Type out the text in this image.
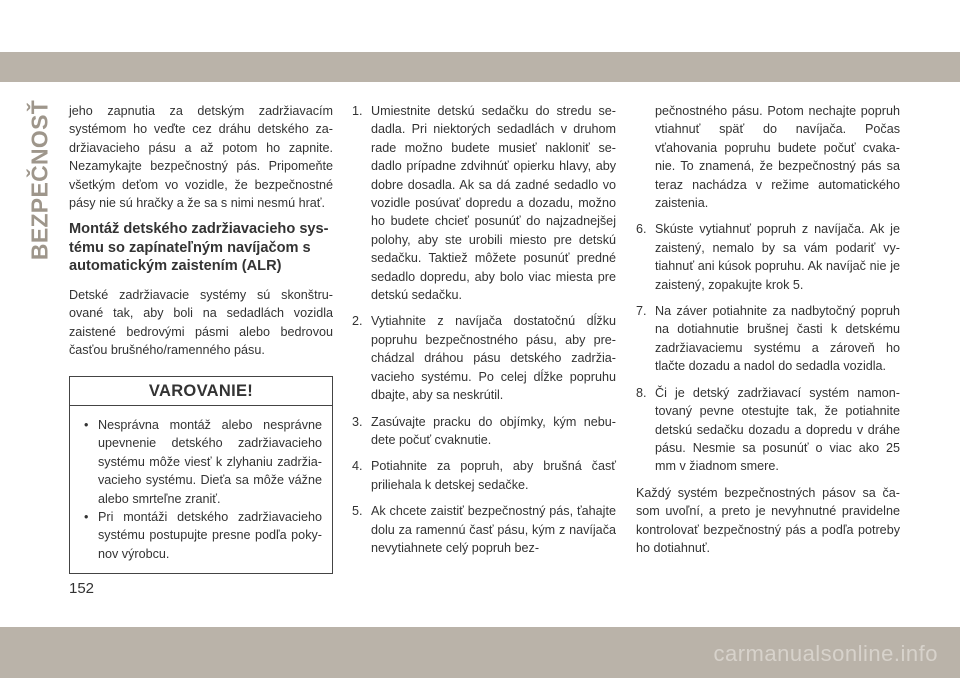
BEZPEČNOSŤ jeho zapnutia za detským zadržiavacím systémom ho veďte cez dráhu detského zadržiavacieho pásu a až potom ho zapnite. Nezamykajte bezpečnostný pás. Pripomeňte všetkým deťom vo vozidle, že bezpečnostné pásy nie sú hračky a že sa s nimi nesmú hrať.

Montáž detského zadržiavacieho systému so zapínateľným navíjačom s automatickým zaistením (ALR)

Detské zadržiavacie systémy sú skonštruované tak, aby boli na sedadlách vozidla zaistené bedrovými pásmi alebo bedrovou časťou brušného/ramenného pásu.

VAROVANIE!
• Nesprávna montáž alebo nesprávne upevnenie detského zadržiavacieho systému môže viesť k zlyhaniu zadržiavacieho systému. Dieťa sa môže vážne alebo smrteľne zraniť.
• Pri montáži detského zadržiavacieho systému postupujte presne podľa pokynov výrobcu.
1. Umiestnite detskú sedačku do stredu sedadla. Pri niektorých sedadlách v druhom rade možno budete musieť nakloniť sedadlo prípadne zdvihnúť opierku hlavy, aby dobre dosadla. Ak sa dá zadné sedadlo vo vozidle posúvať dopredu a dozadu, možno ho budete chcieť posunúť do najzadnejšej polohy, aby ste urobili miesto pre detskú sedačku. Taktiež môžete posunúť predné sedadlo dopredu, aby bolo viac miesta pre detskú sedačku.
2. Vytiahnite z navíjača dostatočnú dĺžku popruhu bezpečnostného pásu, aby prechádzal dráhou pásu detského zadržiavacieho systému. Po celej dĺžke popruhu dbajte, aby sa neskrútil.
3. Zasúvajte pracku do objímky, kým nebudete počuť cvaknutie.
4. Potiahnite za popruh, aby brušná časť priliehala k detskej sedačke.
5. Ak chcete zaistiť bezpečnostný pás, ťahajte dolu za ramennú časť pásu, kým z navíjača nevytiahnete celý popruh bez-
pečnostného pásu. Potom nechajte popruh vtiahnuť späť do navíjača. Počas vťahovania popruhu budete počuť cvakanie. To znamená, že bezpečnostný pás sa teraz nachádza v režime automatického zaistenia.
6. Skúste vytiahnuť popruh z navíjača. Ak je zaistený, nemalo by sa vám podariť vytiahnuť ani kúsok popruhu. Ak navíjač nie je zaistený, zopakujte krok 5.
7. Na záver potiahnite za nadbytočný popruh na dotiahnutie brušnej časti k detskému zadržiavaciemu systému a zároveň ho tlačte dozadu a nadol do sedadla vozidla.
8. Či je detský zadržiavací systém namontovaný pevne otestujte tak, že potiahnite detskú sedačku dozadu a dopredu v dráhe pásu. Nesmie sa posunúť o viac ako 25 mm v žiadnom smere.

Každý systém bezpečnostných pásov sa časom uvoľní, a preto je nevyhnutné pravidelne kontrolovať bezpečnostný pás a podľa potreby ho dotiahnuť.

152
carmanualsonline.info
